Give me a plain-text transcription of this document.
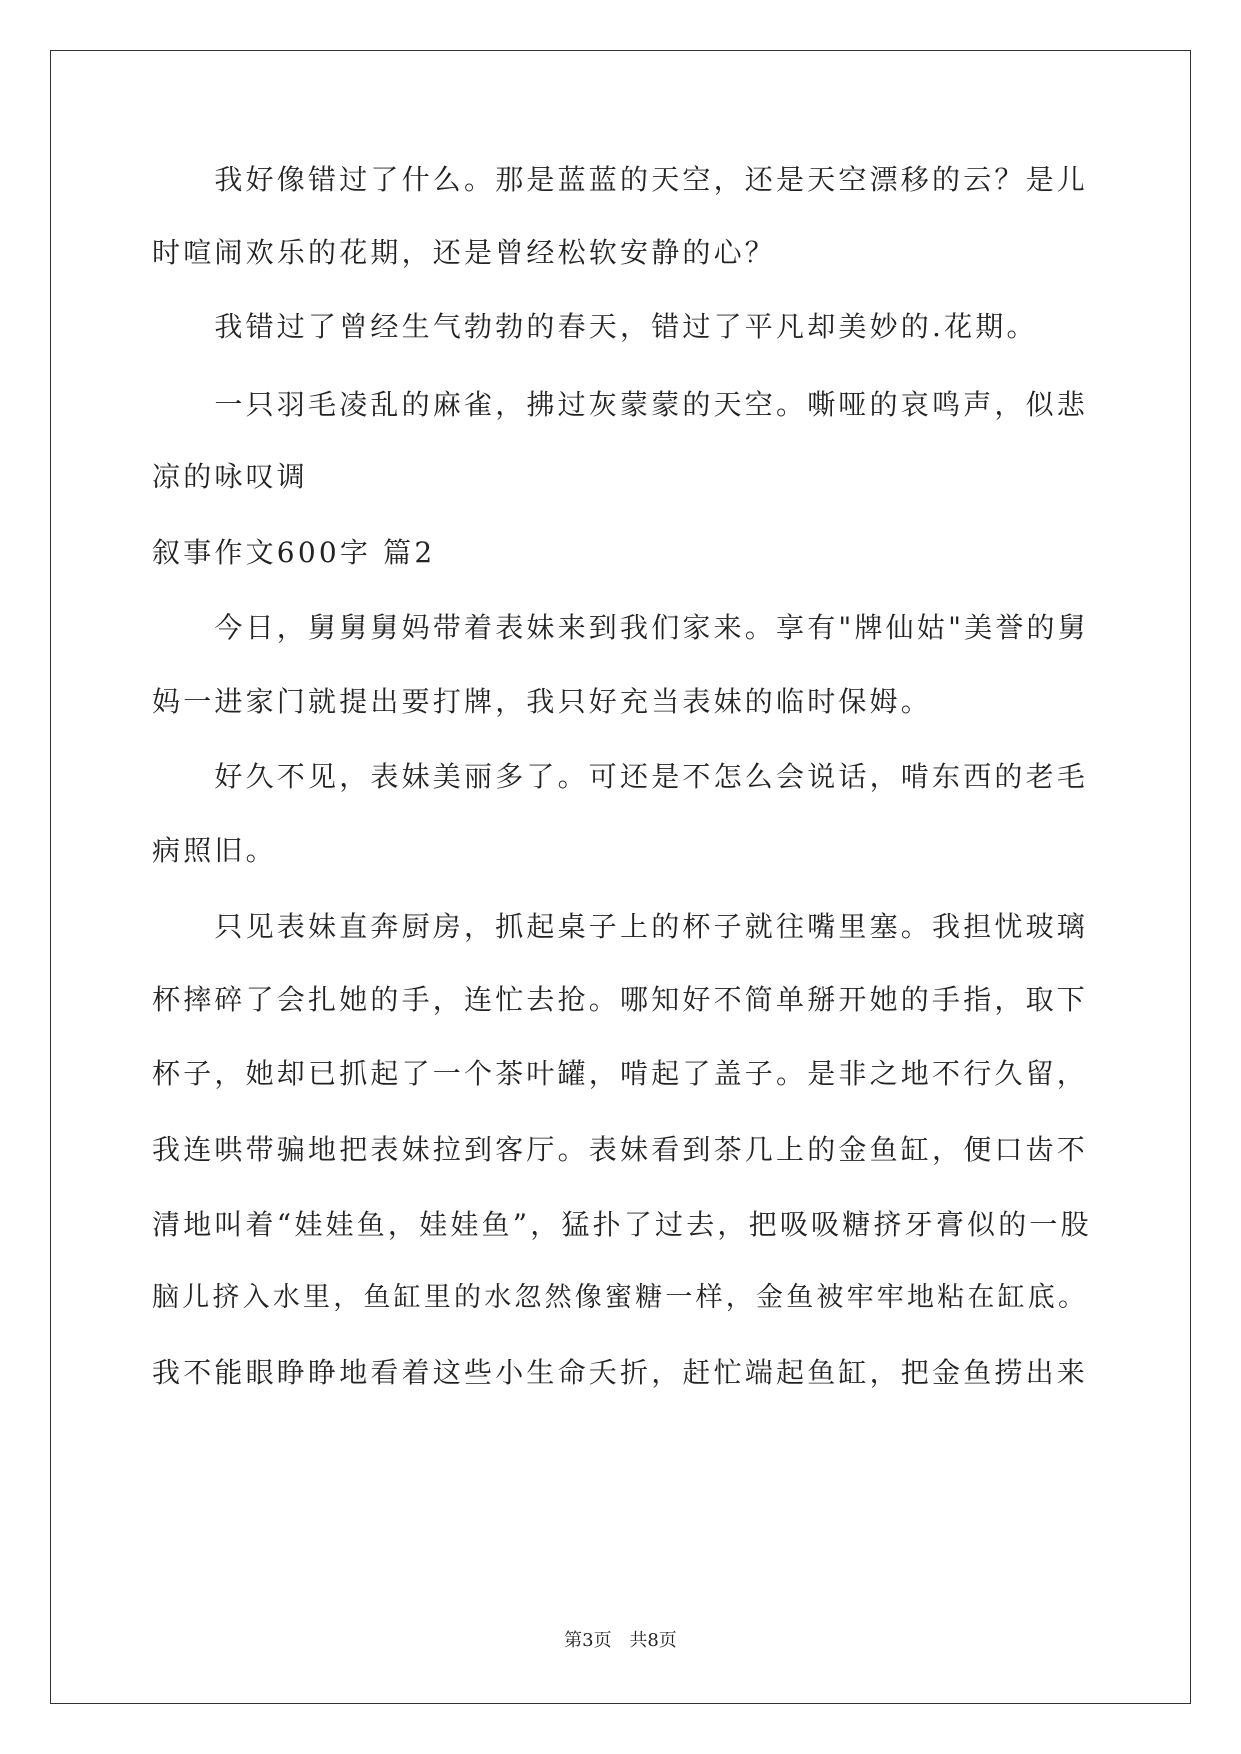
　　我好像错过了什么。那是蓝蓝的天空，还是天空漂移的云？是儿
时喧闹欢乐的花期，还是曾经松软安静的心？
　　我错过了曾经生气勃勃的春天，错过了平凡却美妙的.花期。
　　一只羽毛凌乱的麻雀，拂过灰蒙蒙的天空。嘶哑的哀鸣声，似悲
凉的咏叹调
叙事作文600字 篇2
　　今日，舅舅舅妈带着表妹来到我们家来。享有"牌仙姑"美誉的舅
妈一进家门就提出要打牌，我只好充当表妹的临时保姆。
　　好久不见，表妹美丽多了。可还是不怎么会说话，啃东西的老毛
病照旧。
　　只见表妹直奔厨房，抓起桌子上的杯子就往嘴里塞。我担忧玻璃
杯摔碎了会扎她的手，连忙去抢。哪知好不简单掰开她的手指，取下
杯子，她却已抓起了一个茶叶罐，啃起了盖子。是非之地不行久留，
我连哄带骗地把表妹拉到客厅。表妹看到茶几上的金鱼缸，便口齿不
清地叫着“娃娃鱼，娃娃鱼”，猛扑了过去，把吸吸糖挤牙膏似的一股
脑儿挤入水里，鱼缸里的水忽然像蜜糖一样，金鱼被牢牢地粘在缸底。
我不能眼睁睁地看着这些小生命夭折，赶忙端起鱼缸，把金鱼捞出来
第3页 共8页
